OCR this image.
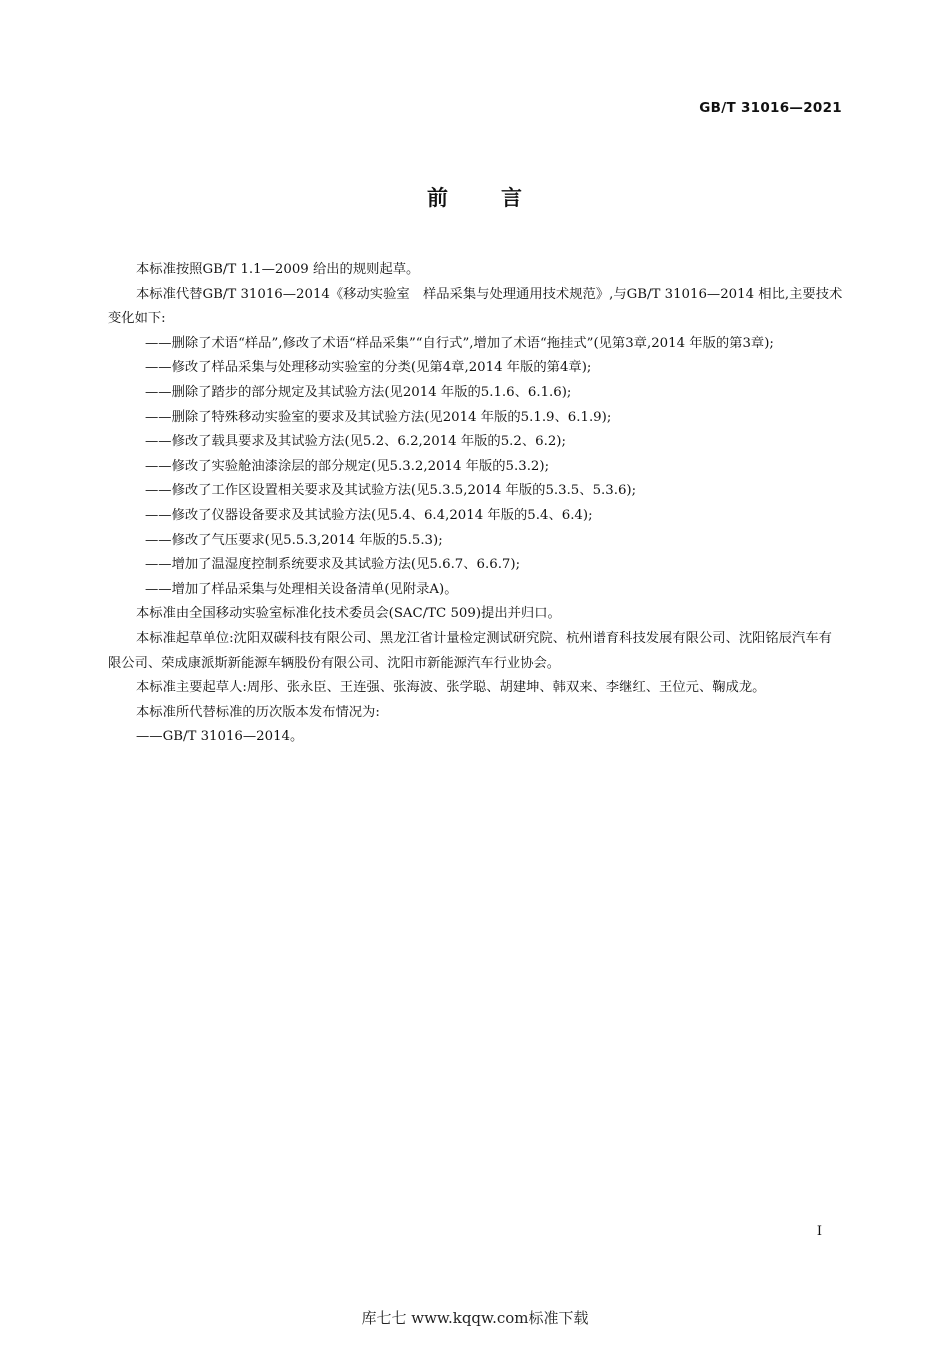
GB/T 31016—2021
前 言

本标准按照GB/T 1.1—2009 给出的规则起草。

本标准代替GB/T 31016—2014《移动实验室　样品采集与处理通用技术规范》,与GB/T 31016—2014 相比,主要技术变化如下:

——删除了术语“样品”,修改了术语“样品采集”“自行式”,增加了术语“拖挂式”(见第3章,2014 年版的第3章);

——修改了样品采集与处理移动实验室的分类(见第4章,2014 年版的第4章);

——删除了踏步的部分规定及其试验方法(见2014 年版的5.1.6、6.1.6);

——删除了特殊移动实验室的要求及其试验方法(见2014 年版的5.1.9、6.1.9);

——修改了载具要求及其试验方法(见5.2、6.2,2014 年版的5.2、6.2);

——修改了实验舱油漆涂层的部分规定(见5.3.2,2014 年版的5.3.2);

——修改了工作区设置相关要求及其试验方法(见5.3.5,2014 年版的5.3.5、5.3.6);

——修改了仪器设备要求及其试验方法(见5.4、6.4,2014 年版的5.4、6.4);

——修改了气压要求(见5.5.3,2014 年版的5.5.3);

——增加了温湿度控制系统要求及其试验方法(见5.6.7、6.6.7);

——增加了样品采集与处理相关设备清单(见附录A)。

本标准由全国移动实验室标准化技术委员会(SAC/TC 509)提出并归口。

本标准起草单位:沈阳双碳科技有限公司、黑龙江省计量检定测试研究院、杭州谱育科技发展有限公司、沈阳铭辰汽车有限公司、荣成康派斯新能源车辆股份有限公司、沈阳市新能源汽车行业协会。

本标准主要起草人:周彤、张永臣、王连强、张海波、张学聪、胡建坤、韩双来、李继红、王位元、鞠成龙。

本标准所代替标准的历次版本发布情况为:

——GB/T 31016—2014。

I
库七七 www.kqqw.com标准下载
